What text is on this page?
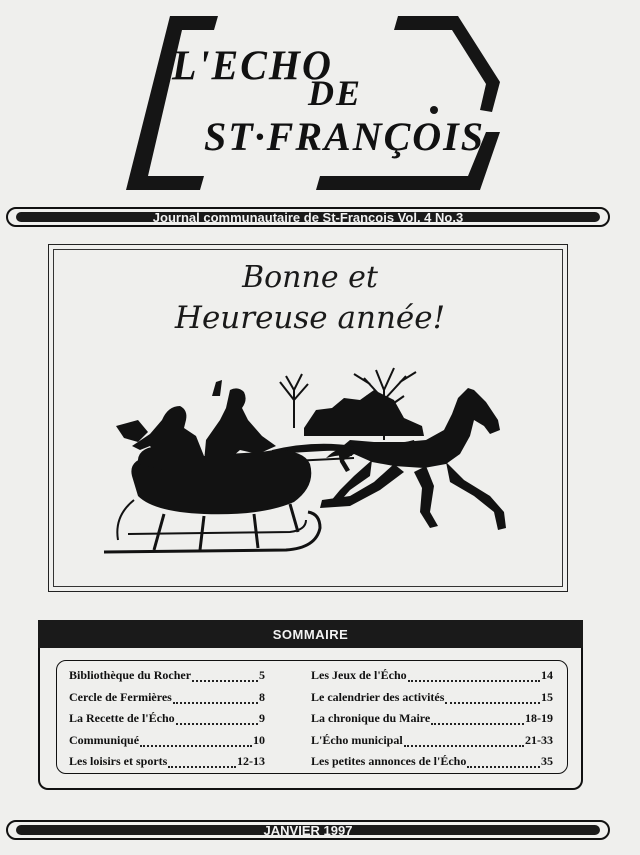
L'ECHO
DE
ST·FRANÇOIS
Journal communautaire de St-François Vol. 4 No.3
Bonne et
Heureuse année!
SOMMAIRE
Bibliothèque du Rocher	5
Cercle de Fermières	8
La Recette de l'Écho	9
Communiqué	10
Les loisirs et sports	12-13
Les Jeux de l'Écho	14
Le calendrier des activités	15
La chronique du Maire	18-19
L'Écho municipal	21-33
Les petites annonces de l'Écho	35
JANVIER 1997
